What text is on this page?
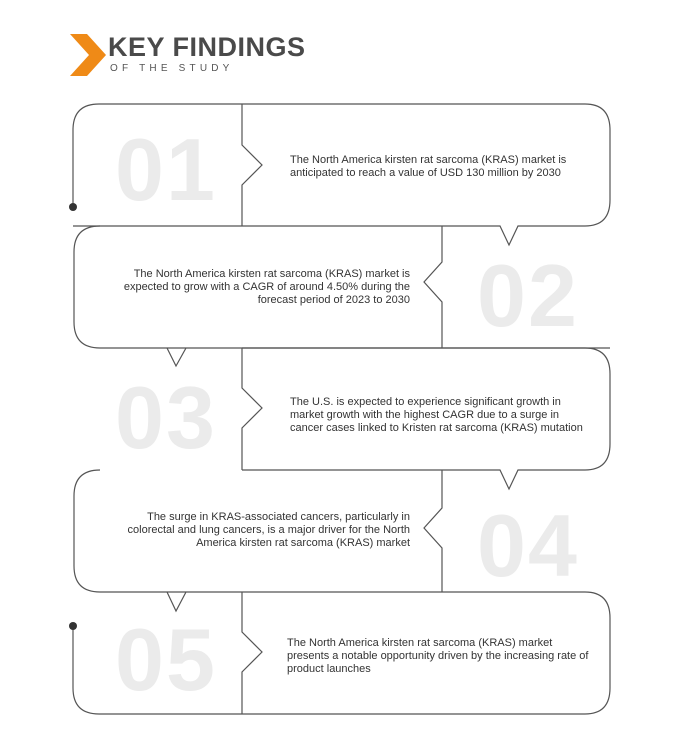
KEY FINDINGS
OF THE STUDY
01
02
03
04
05
The North America kirsten rat sarcoma (KRAS) market is anticipated to reach a value of USD 130 million by 2030
The North America kirsten rat sarcoma (KRAS) market is expected to grow with a CAGR of around 4.50% during the forecast period of 2023 to 2030
The U.S. is expected to experience significant growth in market growth with the highest CAGR due to a surge in cancer cases linked to Kristen rat sarcoma (KRAS) mutation
The surge in KRAS-associated cancers, particularly in colorectal and lung cancers, is a major driver for the North America kirsten rat sarcoma (KRAS) market
The North America kirsten rat sarcoma (KRAS) market presents a notable opportunity driven by the increasing rate of product launches
